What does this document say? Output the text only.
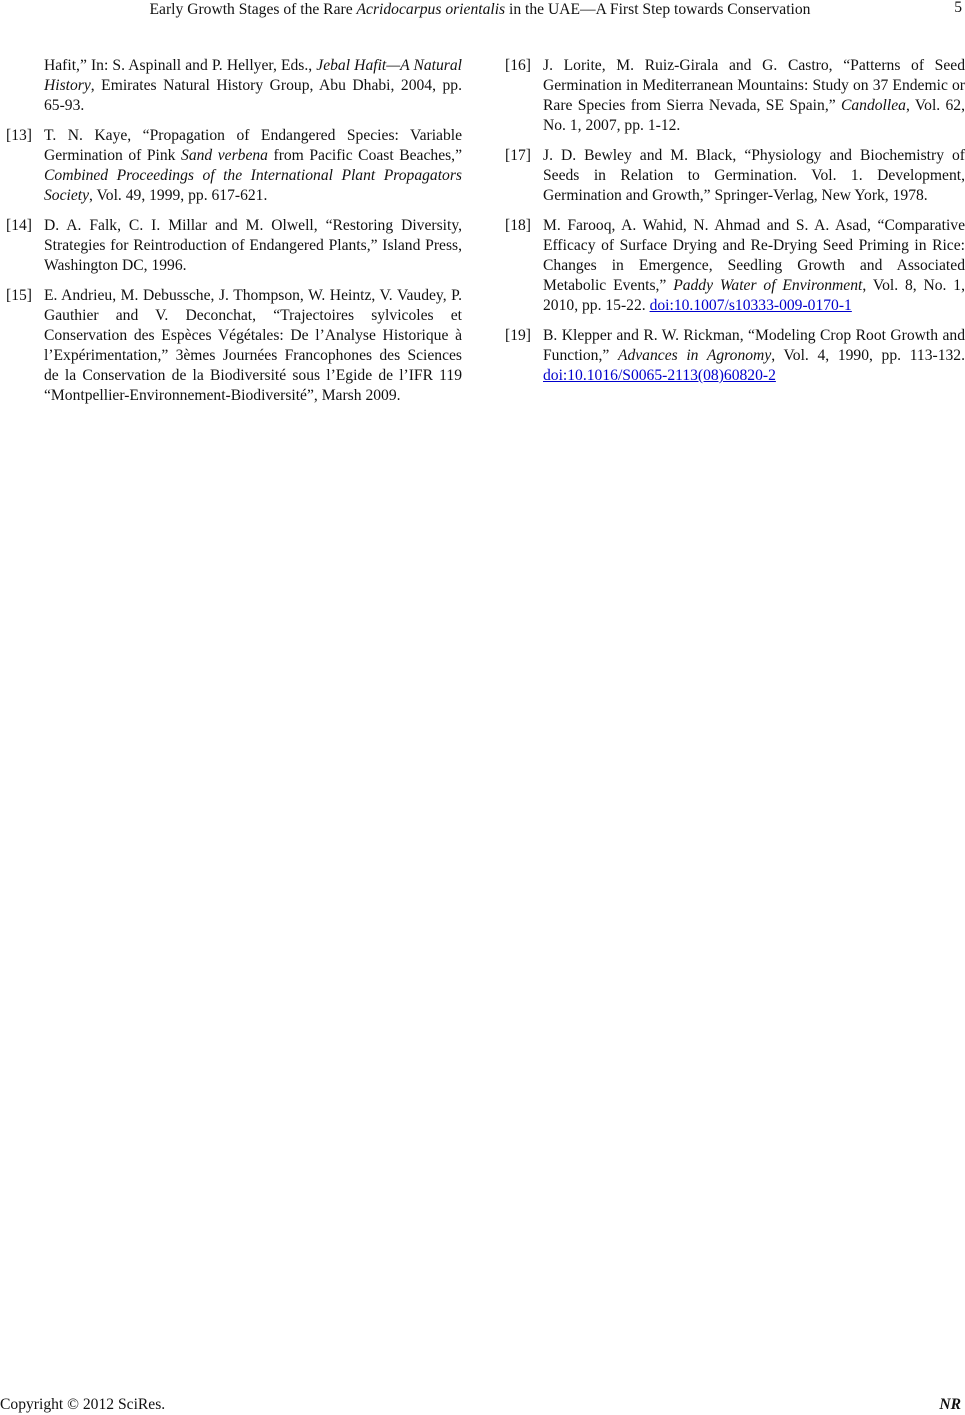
Early Growth Stages of the Rare Acridocarpus orientalis in the UAE—A First Step towards Conservation	5
Hafit,” In: S. Aspinall and P. Hellyer, Eds., Jebal Hafit—A Natural History, Emirates Natural History Group, Abu Dhabi, 2004, pp. 65-93.
[13] T. N. Kaye, “Propagation of Endangered Species: Variable Germination of Pink Sand verbena from Pacific Coast Beaches,” Combined Proceedings of the International Plant Propagators Society, Vol. 49, 1999, pp. 617-621.
[14] D. A. Falk, C. I. Millar and M. Olwell, “Restoring Diversity, Strategies for Reintroduction of Endangered Plants,” Island Press, Washington DC, 1996.
[15] E. Andrieu, M. Debussche, J. Thompson, W. Heintz, V. Vaudey, P. Gauthier and V. Deconchat, “Trajectoires sylvicoles et Conservation des Espèces Végétales: De l’Analyse Historique à l’Expérimentation,” 3èmes Journées Francophones des Sciences de la Conservation de la Biodiversité sous l’Egide de l’IFR 119 “Montpellier-Environnement-Biodiversité”, Marsh 2009.
[16] J. Lorite, M. Ruiz-Girala and G. Castro, “Patterns of Seed Germination in Mediterranean Mountains: Study on 37 Endemic or Rare Species from Sierra Nevada, SE Spain,” Candollea, Vol. 62, No. 1, 2007, pp. 1-12.
[17] J. D. Bewley and M. Black, “Physiology and Biochemistry of Seeds in Relation to Germination. Vol. 1. Development, Germination and Growth,” Springer-Verlag, New York, 1978.
[18] M. Farooq, A. Wahid, N. Ahmad and S. A. Asad, “Comparative Efficacy of Surface Drying and Re-Drying Seed Priming in Rice: Changes in Emergence, Seedling Growth and Associated Metabolic Events,” Paddy Water of Environment, Vol. 8, No. 1, 2010, pp. 15-22. doi:10.1007/s10333-009-0170-1
[19] B. Klepper and R. W. Rickman, “Modeling Crop Root Growth and Function,” Advances in Agronomy, Vol. 4, 1990, pp. 113-132. doi:10.1016/S0065-2113(08)60820-2
Copyright © 2012 SciRes.	NR
